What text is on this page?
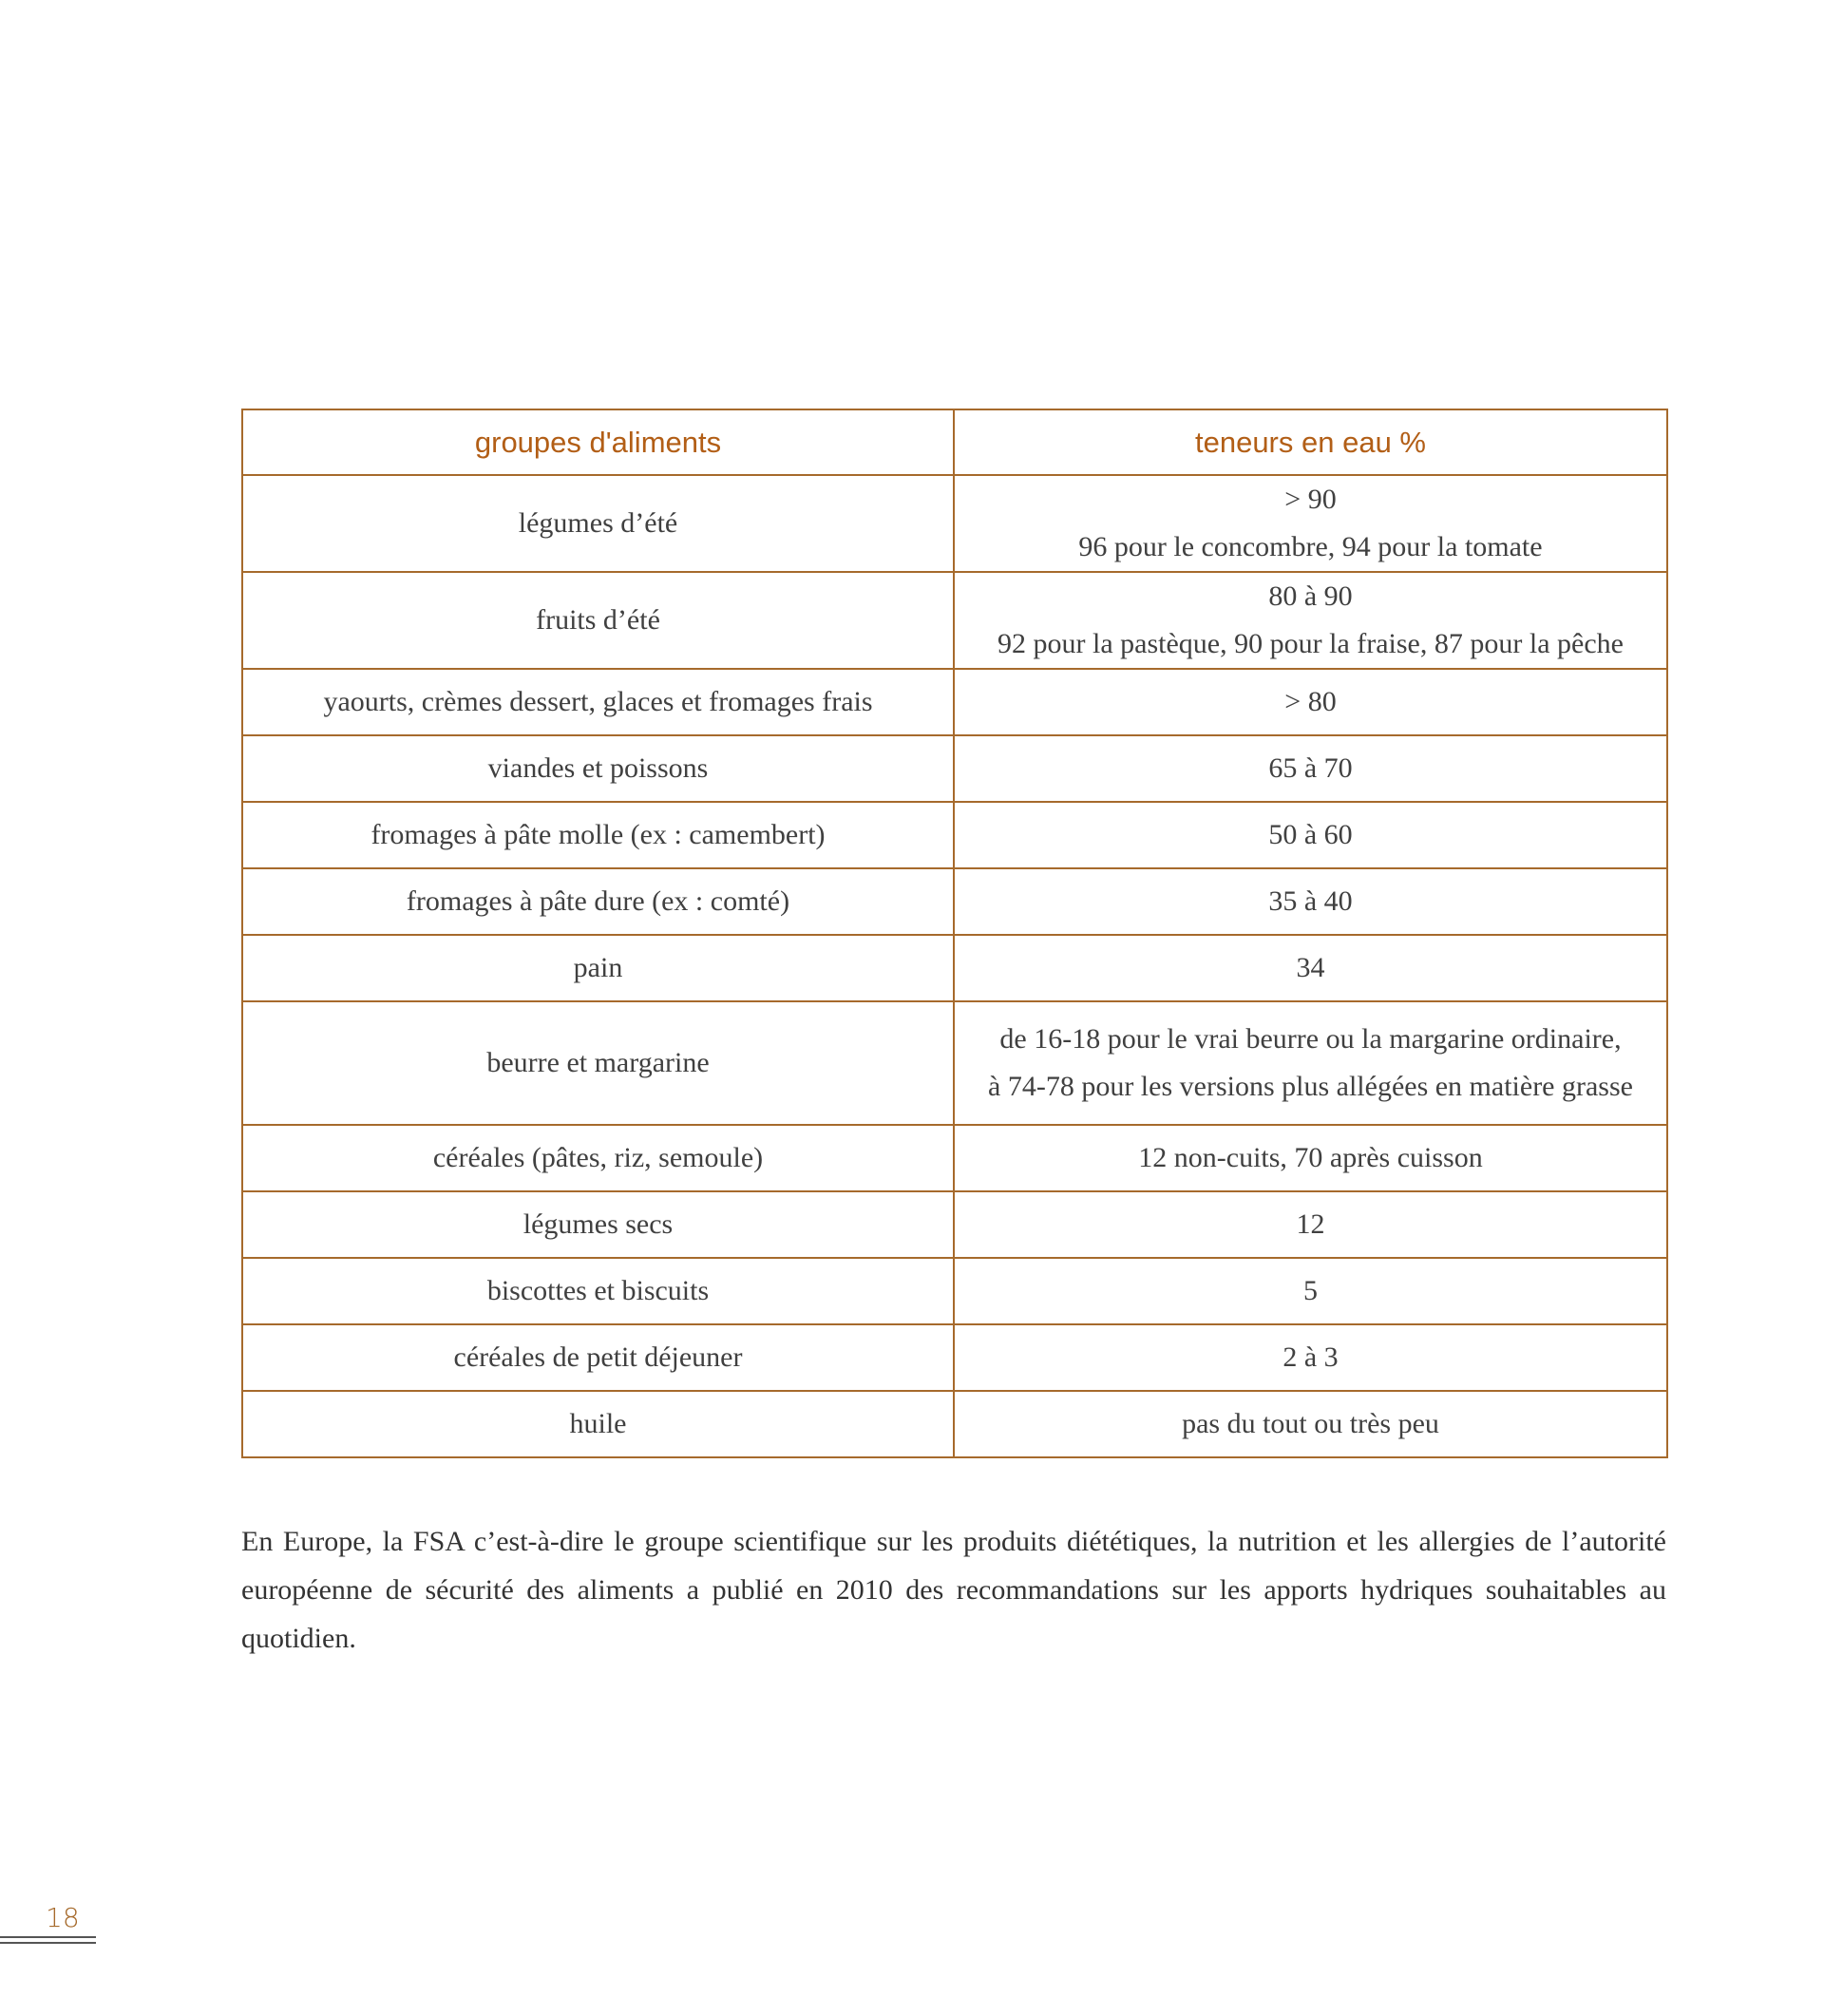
groupes d'aliments	teneurs en eau %
légumes d’été	> 90
96 pour le concombre, 94 pour la tomate

fruits d’été	80 à 90
92 pour la pastèque, 90 pour la fraise, 87 pour la pêche

yaourts, crèmes dessert, glaces et fromages frais	> 80

viandes et poissons	65 à 70

fromages à pâte molle (ex : camembert)	50 à 60

fromages à pâte dure (ex : comté)	35 à 40

pain	34

beurre et margarine	de 16-18 pour le vrai beurre ou la margarine ordinaire,
à 74-78 pour les versions plus allégées en matière grasse

céréales (pâtes, riz, semoule)	12 non-cuits, 70 après cuisson

légumes secs	12

biscottes et biscuits	5

céréales de petit déjeuner	2 à 3

huile	pas du tout ou très peu

En Europe, la FSA c’est-à-dire le groupe scientifique sur les produits diététiques, la nutrition et les allergies de l’autorité européenne de sécurité des aliments a publié en 2010 des recommandations sur les apports hydriques souhaitables au quotidien.

18
